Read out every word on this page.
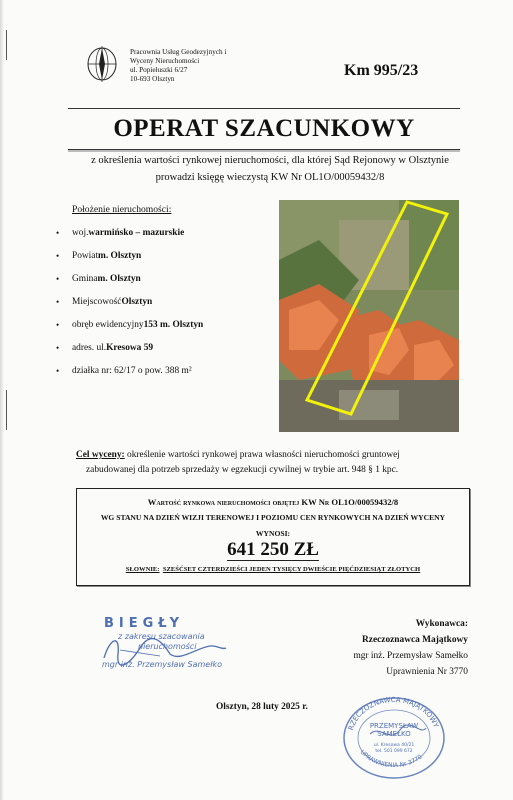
Pracownia Usług Geodezyjnych i
Wyceny Nieruchomości
ul. Popiełuszki 6/27
10-693 Olsztyn	Km 995/23
OPERAT SZACUNKOWY
z określenia wartości rynkowej nieruchomości, dla której Sąd Rejonowy w Olsztynie prowadzi księgę wieczystą KW Nr OL1O/00059432/8
Położenie nieruchomości:
•	woj. warmińsko – mazurskie
•	Powiat m. Olsztyn
•	Gmina m. Olsztyn
•	Miejscowość Olsztyn
•	obręb ewidencyjny 153 m. Olsztyn
•	adres. ul. Kresowa 59
•	działka nr: 62/17 o pow. 388 m²
Cel wyceny: określenie wartości rynkowej prawa własności nieruchomości gruntowej
zabudowanej dla potrzeb sprzedaży w egzekucji cywilnej w trybie art. 948 § 1 kpc.
Wartość rynkowa nieruchomości objętej KW Nr OL1O/00059432/8
WG STANU NA DZIEŃ WIZJI TERENOWEJ I POZIOMU CEN RYNKOWYCH NA DZIEŃ WYCENY
WYNOSI:
641 250 ZŁ
SŁOWNIE: SZEŚĆSET CZTERDZIEŚCI JEDEN TYSIĘCY DWIEŚCIE PIĘĆDZIESIĄT ZŁOTYCH
BIEGŁY
z zakresu szacowania
nieruchomości
mgr inż. Przemysław Samełko
Wykonawca:
Rzeczoznawca Majątkowy
mgr inż. Przemysław Samełko
Uprawnienia Nr 3770
Olsztyn, 28 luty 2025 r.
RZECZOZNAWCA MAJĄTKOWY
UPRAWNIENIA Nr 3770
PRZEMYSŁAW
SAMEŁKO
ul. Kresowa 40/21
tel. 501 099 672
